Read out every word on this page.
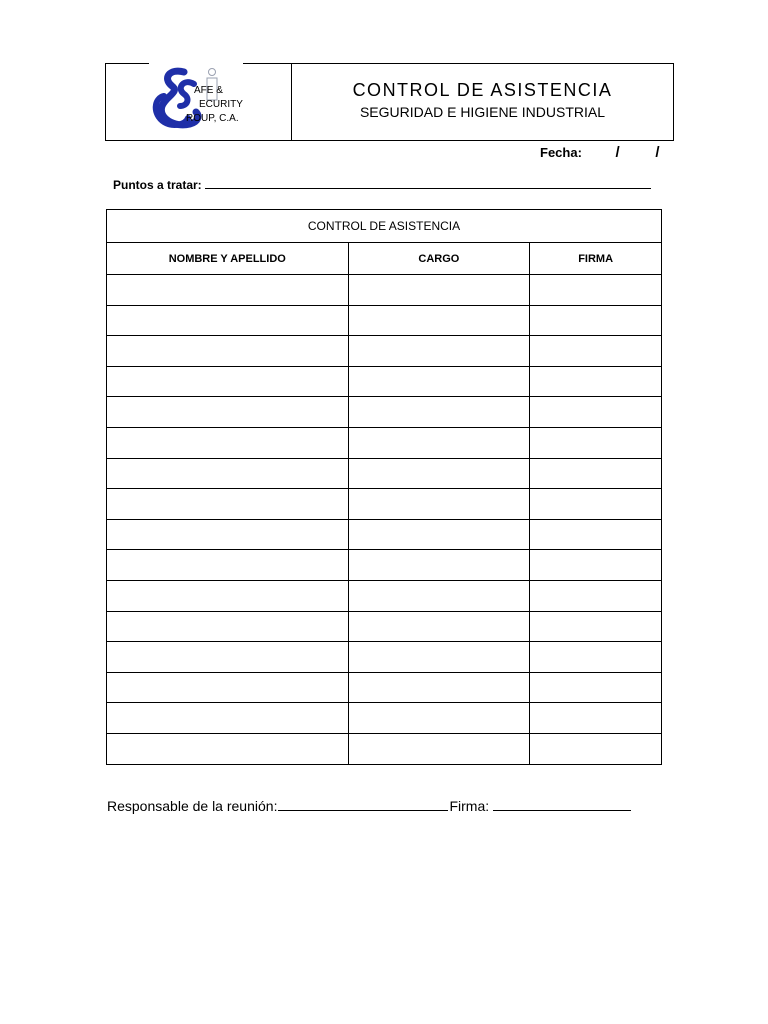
AFE &
ECURITY
ROUP, C.A.
CONTROL DE ASISTENCIA
SEGURIDAD E HIGIENE INDUSTRIAL
Fecha: / /
Puntos a tratar:
CONTROL DE ASISTENCIA		
NOMBRE Y APELLIDO	CARGO	FIRMA

Responsable de la reunión:	Firma:
